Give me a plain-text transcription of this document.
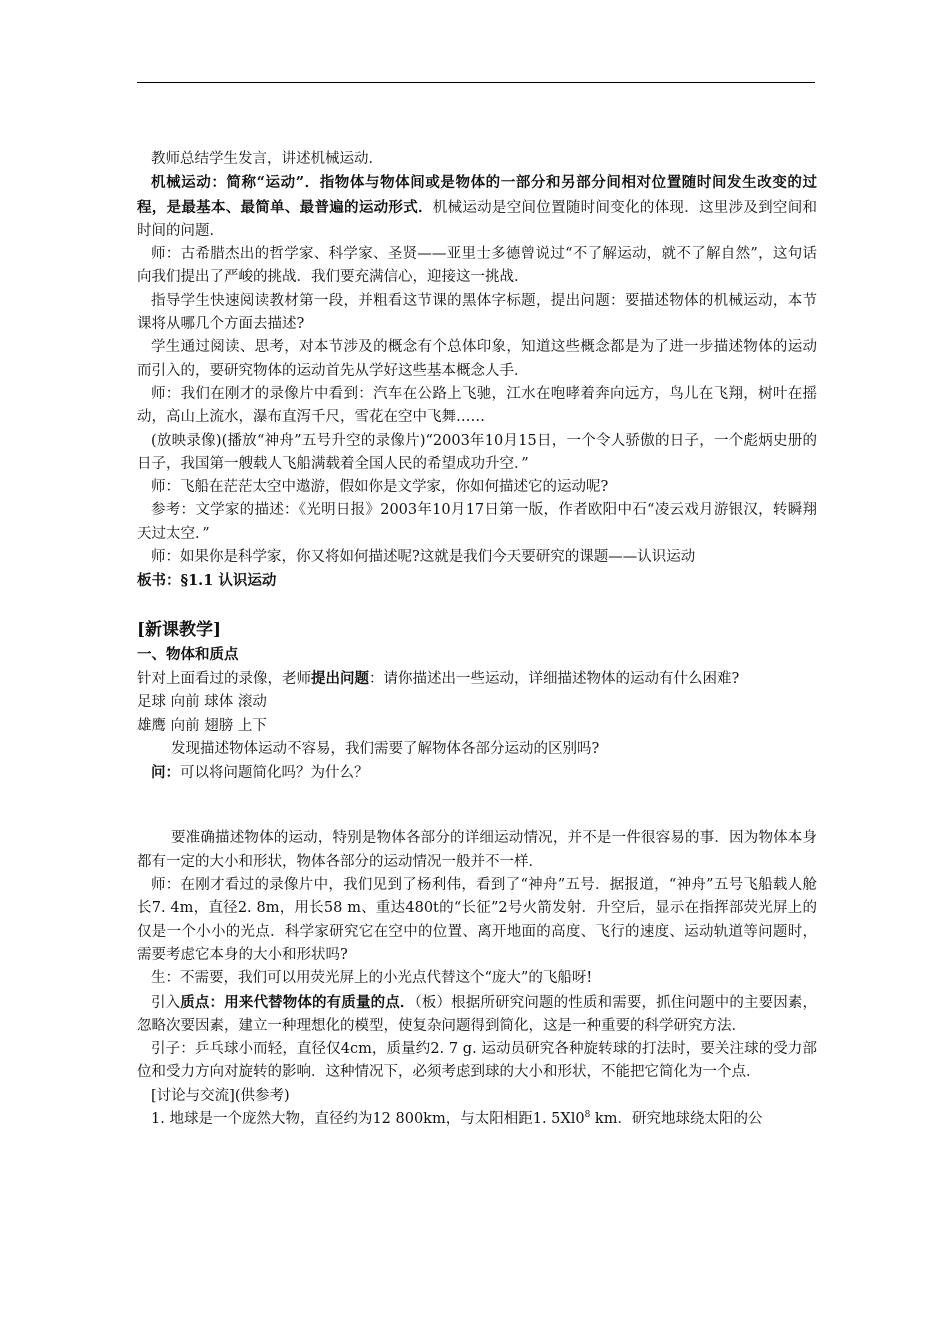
教师总结学生发言，讲述机械运动．

机械运动：简称“运动”．指物体与物体间或是物体的一部分和另部分间相对位置随时间发生改变的过程，是最基本、最简单、最普遍的运动形式．机械运动是空间位置随时间变化的体现．这里涉及到空间和时间的问题．

师：古希腊杰出的哲学家、科学家、圣贤——亚里士多德曾说过“不了解运动，就不了解自然”，这句话向我们提出了严峻的挑战．我们要充满信心，迎接这一挑战．

指导学生快速阅读教材第一段，并粗看这节课的黑体字标题，提出问题：要描述物体的机械运动，本节课将从哪几个方面去描述?

学生通过阅读、思考，对本节涉及的概念有个总体印象，知道这些概念都是为了进一步描述物体的运动而引入的，要研究物体的运动首先从学好这些基本概念人手．

师：我们在刚才的录像片中看到：汽车在公路上飞驰，江水在咆哮着奔向远方，鸟儿在飞翔，树叶在摇动，高山上流水，瀑布直泻千尺，雪花在空中飞舞……

(放映录像)(播放“神舟”五号升空的录像片)“2003年10月15日，一个令人骄傲的日子，一个彪炳史册的日子，我国第一艘载人飞船满载着全国人民的希望成功升空．”

师：飞船在茫茫太空中遨游，假如你是文学家，你如何描述它的运动呢?

参考：文学家的描述：《光明日报》2003年10月17日第一版，作者欧阳中石“凌云戏月游银汉，转瞬翔天过太空．”

师：如果你是科学家，你又将如何描述呢?这就是我们今天要研究的课题——认识运动

板书：§1.1 认识运动

[新课教学]

一、物体和质点

针对上面看过的录像，老师提出问题：请你描述出一些运动，详细描述物体的运动有什么困难?

足球 向前 球体 滚动

雄鹰 向前 翅膀 上下

发现描述物体运动不容易，我们需要了解物体各部分运动的区别吗?

问：可以将问题简化吗？为什么？

要准确描述物体的运动，特别是物体各部分的详细运动情况，并不是一件很容易的事．因为物体本身都有一定的大小和形状，物体各部分的运动情况一般并不一样．

师：在刚才看过的录像片中，我们见到了杨利伟，看到了“神舟”五号．据报道，“神舟”五号飞船载人舱长7. 4m，直径2. 8m，用长58 m、重达480t的“长征”2号火箭发射．升空后，显示在指挥部荧光屏上的仅是一个小小的光点．科学家研究它在空中的位置、离开地面的高度、飞行的速度、运动轨道等问题时，需要考虑它本身的大小和形状吗?

生：不需要，我们可以用荧光屏上的小光点代替这个“庞大”的飞船呀!

引入质点：用来代替物体的有质量的点．（板）根据所研究问题的性质和需要，抓住问题中的主要因素，忽略次要因素，建立一种理想化的模型，使复杂问题得到简化，这是一种重要的科学研究方法．

引子：乒乓球小而轻，直径仅4cm，质量约2. 7 g. 运动员研究各种旋转球的打法时，要关注球的受力部位和受力方向对旋转的影响．这种情况下，必须考虑到球的大小和形状，不能把它简化为一个点．

[讨论与交流](供参考)

1. 地球是一个庞然大物，直径约为12 800km，与太阳相距1. $5Xl0^8$ km．研究地球绕太阳的公
